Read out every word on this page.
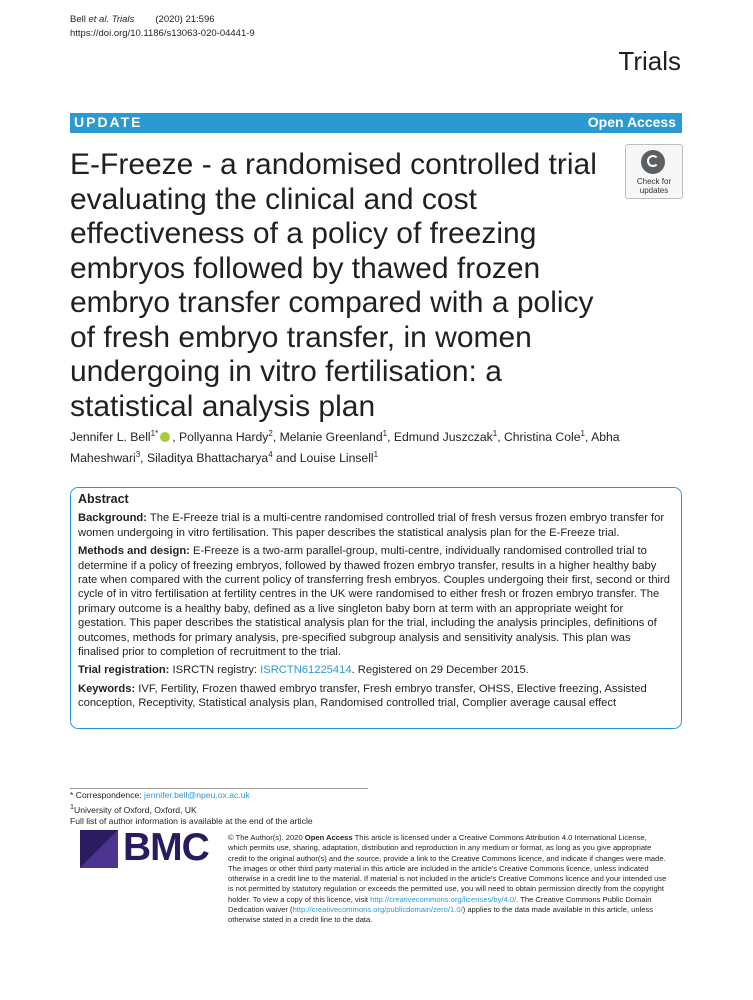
Bell et al. Trials (2020) 21:596
https://doi.org/10.1186/s13063-020-04441-9
Trials
UPDATE	Open Access
E-Freeze - a randomised controlled trial evaluating the clinical and cost effectiveness of a policy of freezing embryos followed by thawed frozen embryo transfer compared with a policy of fresh embryo transfer, in women undergoing in vitro fertilisation: a statistical analysis plan
Check for
updates
Jennifer L. Bell$^{1*}$ , Pollyanna Hardy$^2$, Melanie Greenland$^1$, Edmund Juszczak$^1$, Christina Cole$^1$, Abha Maheshwari$^3$, Siladitya Bhattacharya$^4$ and Louise Linsell$^1$
Abstract

Background: The E-Freeze trial is a multi-centre randomised controlled trial of fresh versus frozen embryo transfer for women undergoing in vitro fertilisation. This paper describes the statistical analysis plan for the E-Freeze trial.

Methods and design: E-Freeze is a two-arm parallel-group, multi-centre, individually randomised controlled trial to determine if a policy of freezing embryos, followed by thawed frozen embryo transfer, results in a higher healthy baby rate when compared with the current policy of transferring fresh embryos. Couples undergoing their first, second or third cycle of in vitro fertilisation at fertility centres in the UK were randomised to either fresh or frozen embryo transfer. The primary outcome is a healthy baby, defined as a live singleton baby born at term with an appropriate weight for gestation. This paper describes the statistical analysis plan for the trial, including the analysis principles, definitions of outcomes, methods for primary analysis, pre-specified subgroup analysis and sensitivity analysis. This plan was finalised prior to completion of recruitment to the trial.

Trial registration: ISRCTN registry: ISRCTN61225414. Registered on 29 December 2015.

Keywords: IVF, Fertility, Frozen thawed embryo transfer, Fresh embryo transfer, OHSS, Elective freezing, Assisted conception, Receptivity, Statistical analysis plan, Randomised controlled trial, Complier average causal effect

* Correspondence: jennifer.bell@npeu.ox.ac.uk
$^1$University of Oxford, Oxford, UK
Full list of author information is available at the end of the article
BMC	© The Author(s). 2020 Open Access This article is licensed under a Creative Commons Attribution 4.0 International License, which permits use, sharing, adaptation, distribution and reproduction in any medium or format, as long as you give appropriate credit to the original author(s) and the source, provide a link to the Creative Commons licence, and indicate if changes were made. The images or other third party material in this article are included in the article's Creative Commons licence, unless indicated otherwise in a credit line to the material. If material is not included in the article's Creative Commons licence and your intended use is not permitted by statutory regulation or exceeds the permitted use, you will need to obtain permission directly from the copyright holder. To view a copy of this licence, visit http://creativecommons.org/licenses/by/4.0/. The Creative Commons Public Domain Dedication waiver (http://creativecommons.org/publicdomain/zero/1.0/) applies to the data made available in this article, unless otherwise stated in a credit line to the data.
